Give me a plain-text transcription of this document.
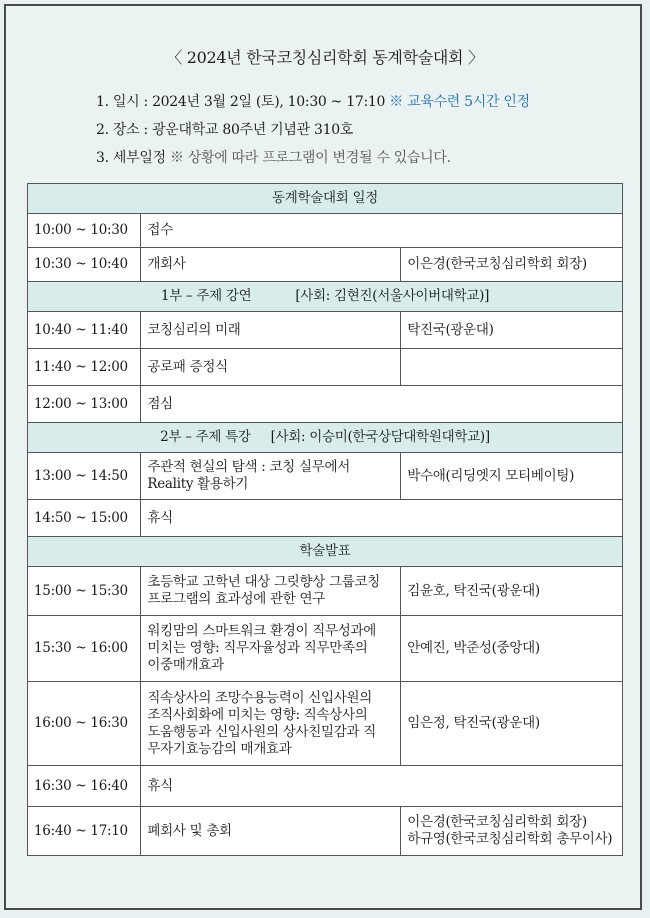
〈 2024년 한국코칭심리학회 동계학술대회 〉
1. 일시 : 2024년 3월 2일 (토), 10:30 ~ 17:10 ※ 교육수련 5시간 인정
2. 장소 : 광운대학교 80주년 기념관 310호
3. 세부일정 ※ 상황에 따라 프로그램이 변경될 수 있습니다.
동계학술대회 일정		
10:00 ~ 10:30	접수	
10:30 ~ 10:40	개회사	이은경(한국코칭심리학회 회장)
1부 – 주제 강연 [사회: 김현진(서울사이버대학교)]		
10:40 ~ 11:40	코칭심리의 미래	탁진국(광운대)
11:40 ~ 12:00	공로패 증정식	
12:00 ~ 13:00	점심	
2부 – 주제 특강 [사회: 이승미(한국상담대학원대학교)]		
13:00 ~ 14:50	주관적 현실의 탐색 : 코칭 실무에서
Reality 활용하기	박수애(리딩엣지 모티베이팅)
14:50 ~ 15:00	휴식	
학술발표		
15:00 ~ 15:30	초등학교 고학년 대상 그릿향상 그룹코칭
프로그램의 효과성에 관한 연구	김윤호, 탁진국(광운대)
15:30 ~ 16:00	워킹맘의 스마트워크 환경이 직무성과에
미치는 영향: 직무자율성과 직무만족의
이중매개효과	안예진, 박준성(중앙대)
16:00 ~ 16:30	직속상사의 조망수용능력이 신입사원의
조직사회화에 미치는 영향: 직속상사의
도움행동과 신입사원의 상사친밀감과 직
무자기효능감의 매개효과	임은정, 탁진국(광운대)
16:30 ~ 16:40	휴식	
16:40 ~ 17:10	폐회사 및 총회	이은경(한국코칭심리학회 회장)
하규영(한국코칭심리학회 총무이사)
